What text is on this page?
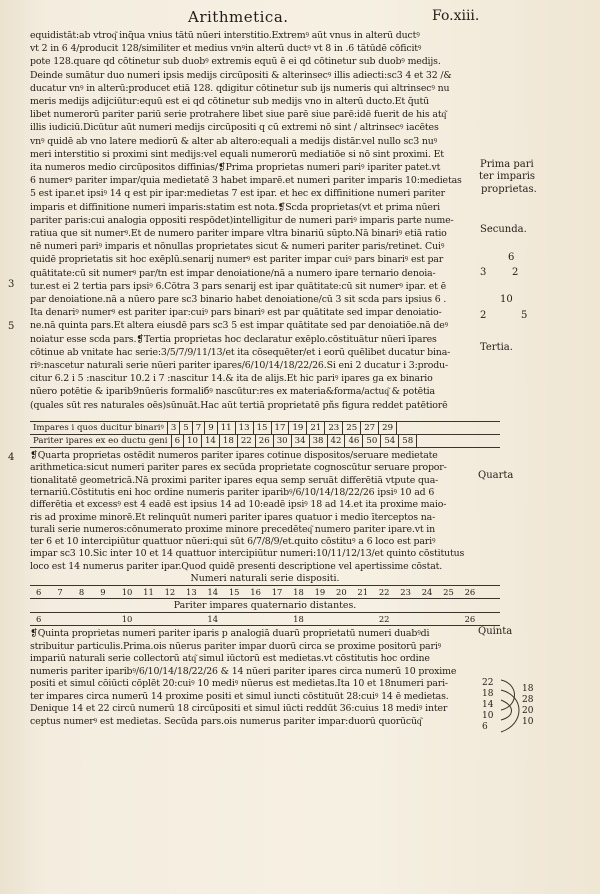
Arithmetica.	Fo.xiii.
equidistāt:ab vtroq͂ inq̄ua vnius tātū nūeri interstitio.Extremꝰ aūt̄ vnus in alterū ductꝰ
vt 2 in 6 4/producit 128/similiter et medius vnꝰin alterū ductꝰ vt 8 in .6 tātūdē cōficitꝰ
pote 128.quare qd cōtinetur sub duobꝰ extremis equū ē ei qd cōtinetur sub duobꝰ medijs.
Deinde sumātur duo numeri ipsis medijs circūpositi & alterinsecꝰ illis adiecti:sc3 4 et 32 /&
ducatur vnꝰ in alterū:producet etiā 128. qdigitur cōtinetur sub ijs numeris qui altrinsecꝰ nu
meris medijs adijciūtur:equū est ei qd cōtinetur sub medijs vno in alterū ducto.Et q̄utū
libet numerorū pariter pariū serie protrahere libet siue parē siue parē:idē fuerit de his atq͂
illis iudiciū.Dicūtur aūt numeri medijs circūpositi q cū extremi nō sint / altrinsecꝰ iacētes
vnꝰ quidē ab vno latere mediorū & alter ab altero:equali a medijs distār.vel nullo sc3 nuꝰ
meri interstitio si proximi sint medijs:vel equali numerorū mediatiōe si nō sint proximi. Et
ita numeros medio circūpositos diffinias/❡Prima proprietas numeri pariꝰ ipariter patet.vt
6 numerꝰ pariter impar/quia medietatē 3 habet imparē.et numeri pariter imparis 10:medietas
5 est ipar.et ipsiꝰ 14 q est pir ipar:medietas 7 est ipar. et hec ex diffinitione numeri pariter
imparis et diffinitione numeri imparis:statim est nota.❡Scda proprietas(vt et prima nūeri
pariter paris:cui analogia oppositi respōdet)intelligitur de numeri pariꝰ imparis parte nume-
ratiua que sit numerꝰ.Et de numero pariter impare vltra binariū sūpto.Nā binariꝰ etiā ratio
nē numeri pariꝰ imparis et nōnullas proprietates sicut & numeri pariter paris/retinet. Cuiꝰ
quidē proprietatis sit hoc exēplū.senarij numerꝰ est pariter impar cuiꝰ pars binariꝰ est par
quātitate:cū sit numerꝰ par/tn est impar denoiatione/nā a numero ipare ternario denoia-
tur.est ei 2 tertia pars ipsiꝰ 6.Cōtra 3 pars senarij est ipar quātitate:cū sit numerꝰ ipar. et ē
par denoiatione.nā a nūero pare sc3 binario habet denoiatione/cū 3 sit scda pars ipsius 6 .
Ita denariꝰ numerꝰ est pariter ipar:cuiꝰ pars binariꝰ est par quātitate sed impar denoiatio-
ne.nā quinta pars.Et altera eiusdē pars sc3 5 est impar quātitate sed par denoiatiōe.nā deꝰ
noiatur esse scda pars.❡Tertia proprietas hoc declaratur exēplo.cōstituātur nūeri īpares
cōtinue ab vnitate hac serie:3/5/7/9/11/13/et ita cōsequēter/et i eorū quēlibet ducatur bina-
riꝰ:nascetur naturali serie nūeri pariter ipares/6/10/14/18/22/26.Si eni 2 ducatur i 3:produ-
citur 6.2 i 5 :nascitur 10.2 i 7 :nascitur 14.& ita de alijs.Et hic pariꝰ ipares ga ex binario
nūero potētie & iparib9nūeris formaliбꝰ nascūtur:res ex materia&forma/actuq͂ & potētia
(quales sūt res naturales oēs)sūnuāt.Hac aūt tertiā proprietatē pñs figura reddet patētiorē
Impares i quos ducitur binariꝰ 3 5 7 9 11 13 15 17 19 21 23 25 27 29
Pariter ipares ex eo ductu geni 6 10 14 18 22 26 30 34 38 42 46 50 54 58
❡Quarta proprietas ostēdit numeros pariter ipares cotinue dispositos/seruare medietate
arithmetica:sicut numeri pariter pares ex secūda proprietate cognoscūtur seruare propor-
tionalitatē geometricā.Nā proximi pariter ipares equa semp seruāt differētiā vtpute qua-
ternariū.Cōstitutis eni hoc ordine numeris pariter iparibꝰ/6/10/14/18/22/26 ipsiꝰ 10 ad 6
differētia et excessꝰ est 4 eadē est ipsius 14 ad 10:eadē ipsiꝰ 18 ad 14.et ita proxime maio-
ris ad proxime minorē.Et relinquūt numeri pariter ipares quatuor i medio īterceptos na-
turali serie numeros:cōnumerato proxime minore precedēteq͂ numero pariter ipare.vt in
ter 6 et 10 intercipiūtur quattuor nūeri:qui sūt 6/7/8/9/et.quito cōstituꝰ a 6 loco est pariꝰ
impar sc3 10.Sic inter 10 et 14 quattuor intercipiūtur numeri:10/11/12/13/et quinto cōstitutus
loco est 14 numerus pariter ipar.Quod quidē presenti descriptione vel apertissime cōstat.
Numeri naturali serie dispositi.
6 7 8 9 10 11 12 13 14 15 16 17 18 19 20 21 22 23 24 25 26
Pariter impares quaternario distantes.
6	10	14	18	22	26
❡Quinta proprietas numeri pariter iparis p analogiā duarū proprietatū numeri duabꝰdi
stribuitur particulis.Prima.ois nūerus pariter impar duorū circa se proxime positorū pariꝰ
impariū naturali serie collectorū atq͂ simul iūctorū est medietas.vt cōstitutis hoc ordine
numeris pariter iparibꝰ/6/10/14/18/22/26 & 14 nūeri pariter ipares circa numerū 10 proxime
positi et simul cōiūcti cōplēt 20:cuiꝰ 10 mediꝰ nūerus est medietas.Ita 10 et 18numeri pari-
ter impares circa numerū 14 proxime positi et simul iuncti cōstituūt 28:cuiꝰ 14 ē medietas.
Denique 14 et 22 circū numerū 18 circūpositi et simul iūcti reddūt 36:cuius 18 mediꝰ inter
ceptus numerꝰ est medietas. Secūda pars.ois numerus pariter impar:duorū quorūcūq͂
Prima pari
ter imparis
proprietas.
Secunda.
6
3	2
10
2	5
Tertia.
Quarta
Quinta
4
3
5
22
18
14
10
6
18
28
20
10
